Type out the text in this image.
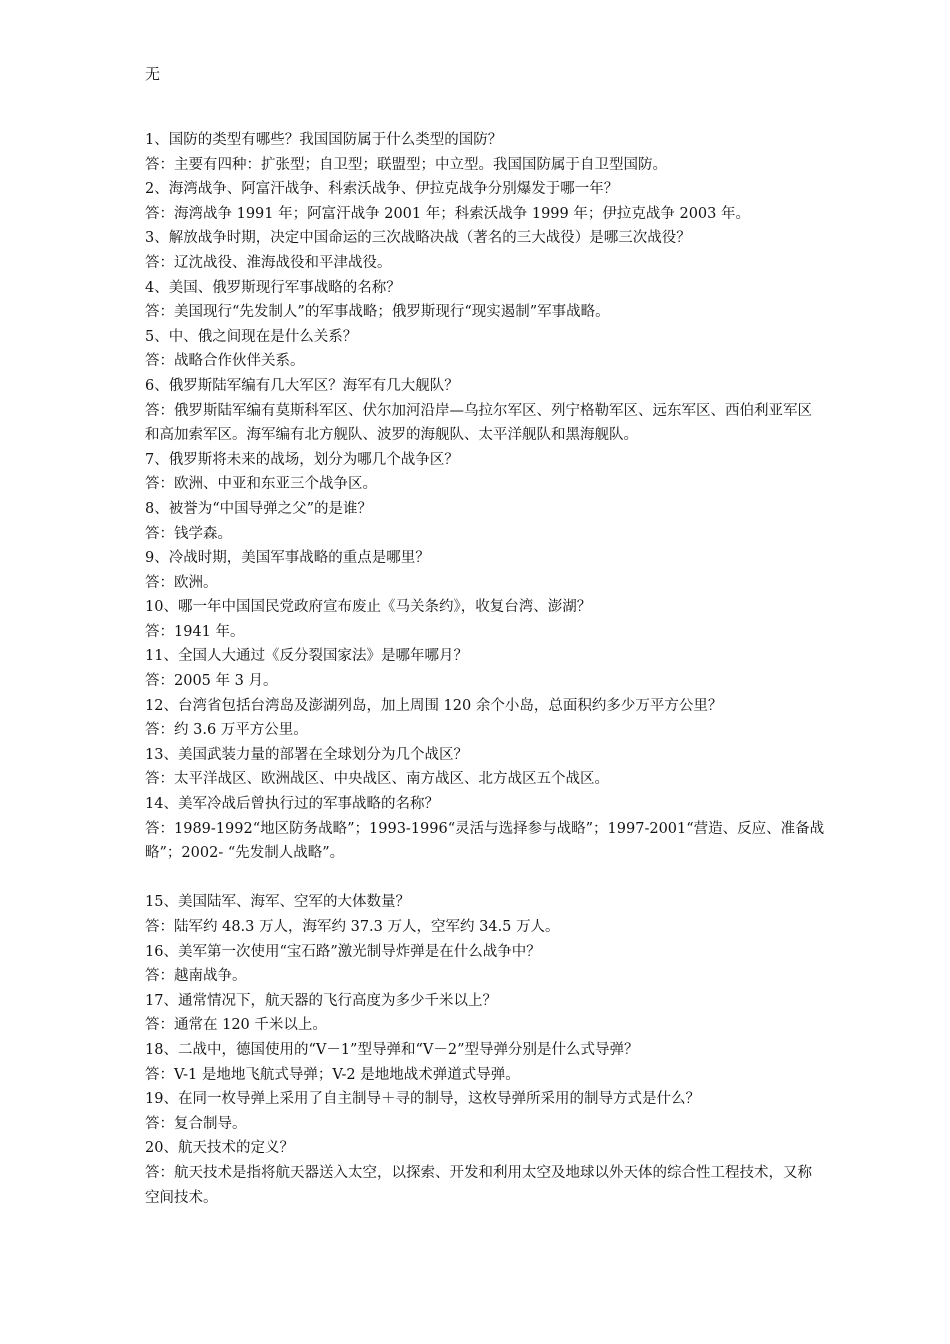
无
1、国防的类型有哪些？我国国防属于什么类型的国防？
答：主要有四种：扩张型；自卫型；联盟型；中立型。我国国防属于自卫型国防。
2、海湾战争、阿富汗战争、科索沃战争、伊拉克战争分别爆发于哪一年？
答：海湾战争 1991 年；阿富汗战争 2001 年；科索沃战争 1999 年；伊拉克战争 2003 年。
3、解放战争时期，决定中国命运的三次战略决战（著名的三大战役）是哪三次战役？
答：辽沈战役、淮海战役和平津战役。
4、美国、俄罗斯现行军事战略的名称？
答：美国现行“先发制人”的军事战略；俄罗斯现行“现实遏制”军事战略。
5、中、俄之间现在是什么关系？
答：战略合作伙伴关系。
6、俄罗斯陆军编有几大军区？海军有几大舰队？
答：俄罗斯陆军编有莫斯科军区、伏尔加河沿岸—乌拉尔军区、列宁格勒军区、远东军区、西伯利亚军区和高加索军区。海军编有北方舰队、波罗的海舰队、太平洋舰队和黑海舰队。
7、俄罗斯将未来的战场，划分为哪几个战争区？
答：欧洲、中亚和东亚三个战争区。
8、被誉为“中国导弹之父”的是谁？
答：钱学森。
9、冷战时期，美国军事战略的重点是哪里？
答：欧洲。
10、哪一年中国国民党政府宣布废止《马关条约》，收复台湾、澎湖？
答：1941 年。
11、全国人大通过《反分裂国家法》是哪年哪月？
答：2005 年 3 月。
12、台湾省包括台湾岛及澎湖列岛，加上周围 120 余个小岛，总面积约多少万平方公里？
答：约 3.6 万平方公里。
13、美国武装力量的部署在全球划分为几个战区？
答：太平洋战区、欧洲战区、中央战区、南方战区、北方战区五个战区。
14、美军冷战后曾执行过的军事战略的名称？
答：1989-1992“地区防务战略”；1993-1996“灵活与选择参与战略”；1997-2001“营造、反应、准备战略”；2002- “先发制人战略”。
15、美国陆军、海军、空军的大体数量？
答：陆军约 48.3 万人，海军约 37.3 万人，空军约 34.5 万人。
16、美军第一次使用“宝石路”激光制导炸弹是在什么战争中？
答：越南战争。
17、通常情况下，航天器的飞行高度为多少千米以上？
答：通常在 120 千米以上。
18、二战中，德国使用的“V－1”型导弹和“V－2”型导弹分别是什么式导弹？
答：V-1 是地地飞航式导弹；V-2 是地地战术弹道式导弹。
19、在同一枚导弹上采用了自主制导＋寻的制导，这枚导弹所采用的制导方式是什么？
答：复合制导。
20、航天技术的定义？
答：航天技术是指将航天器送入太空，以探索、开发和利用太空及地球以外天体的综合性工程技术，又称空间技术。
